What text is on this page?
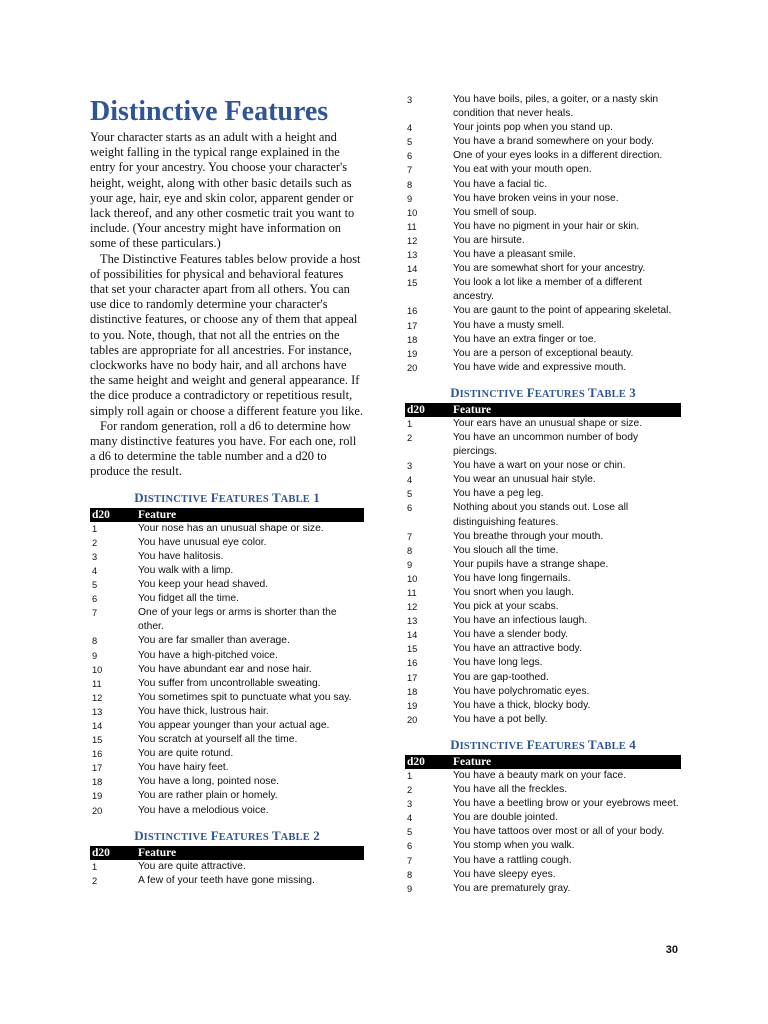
Distinctive Features

Your character starts as an adult with a height and weight falling in the typical range explained in the entry for your ancestry. You choose your character's height, weight, along with other basic details such as your age, hair, eye and skin color, apparent gender or lack thereof, and any other cosmetic trait you want to include. (Your ancestry might have information on some of these particulars.)

The Distinctive Features tables below provide a host of possibilities for physical and behavioral features that set your character apart from all others. You can use dice to randomly determine your character's distinctive features, or choose any of them that appeal to you. Note, though, that not all the entries on the tables are appropriate for all ancestries. For instance, clockworks have no body hair, and all archons have the same height and weight and general appearance. If the dice produce a contradictory or repetitious result, simply roll again or choose a different feature you like.

For random generation, roll a d6 to determine how many distinctive features you have. For each one, roll a d6 to determine the table number and a d20 to produce the result.

DISTINCTIVE FEATURES TABLE 1
d20	Feature
1	Your nose has an unusual shape or size.
2	You have unusual eye color.
3	You have halitosis.
4	You walk with a limp.
5	You keep your head shaved.
6	You fidget all the time.
7	One of your legs or arms is shorter than the other.
8	You are far smaller than average.
9	You have a high-pitched voice.
10	You have abundant ear and nose hair.
11	You suffer from uncontrollable sweating.
12	You sometimes spit to punctuate what you say.
13	You have thick, lustrous hair.
14	You appear younger than your actual age.
15	You scratch at yourself all the time.
16	You are quite rotund.
17	You have hairy feet.
18	You have a long, pointed nose.
19	You are rather plain or homely.
20	You have a melodious voice.
DISTINCTIVE FEATURES TABLE 2
d20	Feature
1	You are quite attractive.
2	A few of your teeth have gone missing.
3	You have boils, piles, a goiter, or a nasty skin condition that never heals.
4	Your joints pop when you stand up.
5	You have a brand somewhere on your body.
6	One of your eyes looks in a different direction.
7	You eat with your mouth open.
8	You have a facial tic.
9	You have broken veins in your nose.
10	You smell of soup.
11	You have no pigment in your hair or skin.
12	You are hirsute.
13	You have a pleasant smile.
14	You are somewhat short for your ancestry.
15	You look a lot like a member of a different ancestry.
16	You are gaunt to the point of appearing skeletal.
17	You have a musty smell.
18	You have an extra finger or toe.
19	You are a person of exceptional beauty.
20	You have wide and expressive mouth.
DISTINCTIVE FEATURES TABLE 3
d20	Feature
1	Your ears have an unusual shape or size.
2	You have an uncommon number of body piercings.
3	You have a wart on your nose or chin.
4	You wear an unusual hair style.
5	You have a peg leg.
6	Nothing about you stands out. Lose all distinguishing features.
7	You breathe through your mouth.
8	You slouch all the time.
9	Your pupils have a strange shape.
10	You have long fingernails.
11	You snort when you laugh.
12	You pick at your scabs.
13	You have an infectious laugh.
14	You have a slender body.
15	You have an attractive body.
16	You have long legs.
17	You are gap-toothed.
18	You have polychromatic eyes.
19	You have a thick, blocky body.
20	You have a pot belly.
DISTINCTIVE FEATURES TABLE 4
d20	Feature
1	You have a beauty mark on your face.
2	You have all the freckles.
3	You have a beetling brow or your eyebrows meet.
4	You are double jointed.
5	You have tattoos over most or all of your body.
6	You stomp when you walk.
7	You have a rattling cough.
8	You have sleepy eyes.
9	You are prematurely gray.
30
